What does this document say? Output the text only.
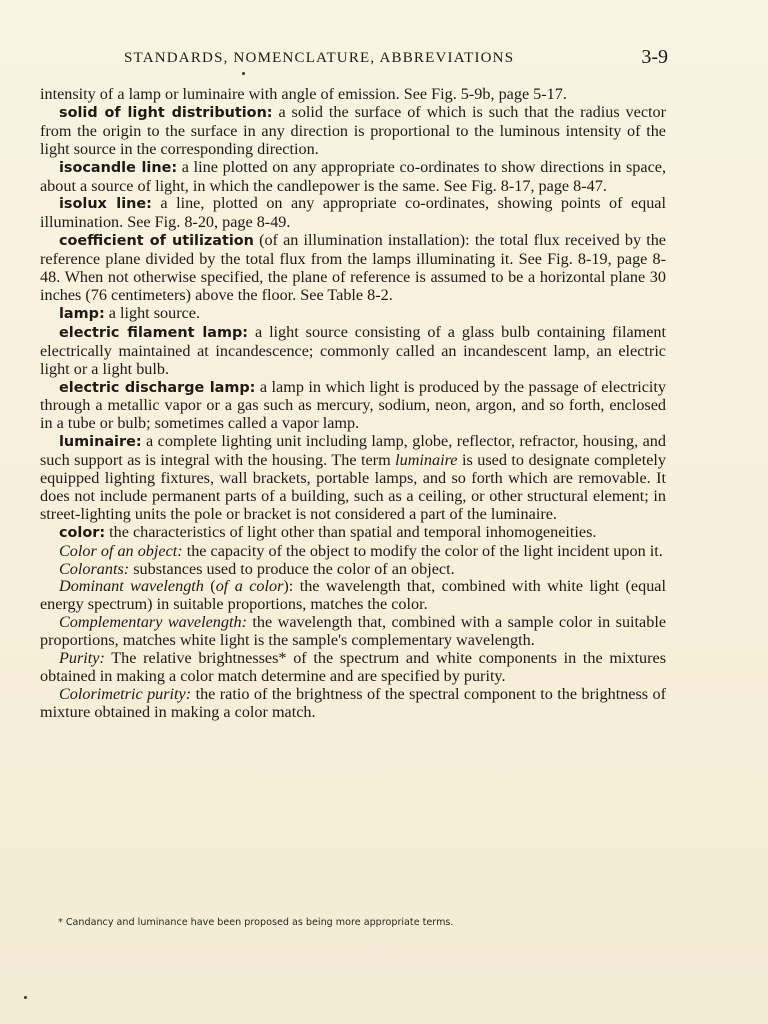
STANDARDS, NOMENCLATURE, ABBREVIATIONS	3-9

intensity of a lamp or luminaire with angle of emission. See Fig. 5-9b, page 5-17.

solid of light distribution: a solid the surface of which is such that the radius vector from the origin to the surface in any direction is proportional to the luminous intensity of the light source in the corresponding direction.

isocandle line: a line plotted on any appropriate co-ordinates to show directions in space, about a source of light, in which the candlepower is the same. See Fig. 8-17, page 8-47.

isolux line: a line, plotted on any appropriate co-ordinates, showing points of equal illumination. See Fig. 8-20, page 8-49.

coefficient of utilization (of an illumination installation): the total flux received by the reference plane divided by the total flux from the lamps illuminating it. See Fig. 8-19, page 8-48. When not otherwise specified, the plane of reference is assumed to be a horizontal plane 30 inches (76 centimeters) above the floor. See Table 8-2.

lamp: a light source.

electric filament lamp: a light source consisting of a glass bulb containing filament electrically maintained at incandescence; commonly called an incandescent lamp, an electric light or a light bulb.

electric discharge lamp: a lamp in which light is produced by the passage of electricity through a metallic vapor or a gas such as mercury, sodium, neon, argon, and so forth, enclosed in a tube or bulb; sometimes called a vapor lamp.

luminaire: a complete lighting unit including lamp, globe, reflector, refractor, housing, and such support as is integral with the housing. The term luminaire is used to designate completely equipped lighting fixtures, wall brackets, portable lamps, and so forth which are removable. It does not include permanent parts of a building, such as a ceiling, or other structural element; in street-lighting units the pole or bracket is not considered a part of the luminaire.

color: the characteristics of light other than spatial and temporal inhomogeneities.

Color of an object: the capacity of the object to modify the color of the light incident upon it.

Colorants: substances used to produce the color of an object.

Dominant wavelength (of a color): the wavelength that, combined with white light (equal energy spectrum) in suitable proportions, matches the color.

Complementary wavelength: the wavelength that, combined with a sample color in suitable proportions, matches white light is the sample's complementary wavelength.

Purity: The relative brightnesses* of the spectrum and white components in the mixtures obtained in making a color match determine and are specified by purity.

Colorimetric purity: the ratio of the brightness of the spectral component to the brightness of mixture obtained in making a color match.

* Candancy and luminance have been proposed as being more appropriate terms.
